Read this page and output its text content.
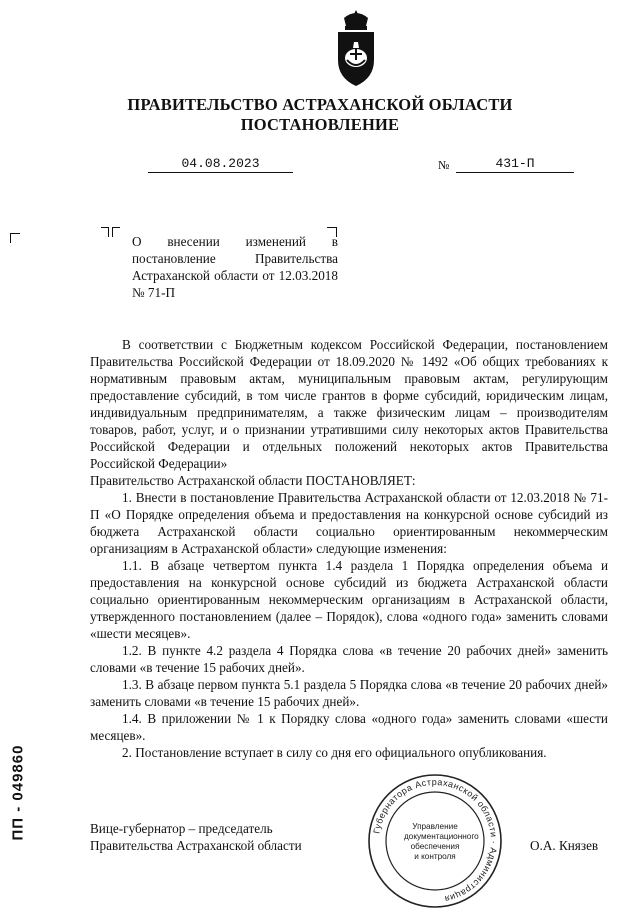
ПРАВИТЕЛЬСТВО АСТРАХАНСКОЙ ОБЛАСТИ
ПОСТАНОВЛЕНИЕ
04.08.2023	№	431-П
О внесении изменений в постановление Правительства Астраханской области от 12.03.2018 № 71-П

В соответствии с Бюджетным кодексом Российской Федерации, постановлением Правительства Российской Федерации от 18.09.2020 № 1492 «Об общих требованиях к нормативным правовым актам, муниципальным правовым актам, регулирующим предоставление субсидий, в том числе грантов в форме субсидий, юридическим лицам, индивидуальным предпринимателям, а также физическим лицам – производителям товаров, работ, услуг, и о признании утратившими силу некоторых актов Правительства Российской Федерации и отдельных положений некоторых актов Правительства Российской Федерации»

Правительство Астраханской области ПОСТАНОВЛЯЕТ:

1. Внести в постановление Правительства Астраханской области от 12.03.2018 № 71-П «О Порядке определения объема и предоставления на конкурсной основе субсидий из бюджета Астраханской области социально ориентированным некоммерческим организациям в Астраханской области» следующие изменения:

1.1. В абзаце четвертом пункта 1.4 раздела 1 Порядка определения объема и предоставления на конкурсной основе субсидий из бюджета Астраханской области социально ориентированным некоммерческим организациям в Астраханской области, утвержденного постановлением (далее – Порядок), слова «одного года» заменить словами «шести месяцев».

1.2. В пункте 4.2 раздела 4 Порядка слова «в течение 20 рабочих дней» заменить словами «в течение 15 рабочих дней».

1.3. В абзаце первом пункта 5.1 раздела 5 Порядка слова «в течение 20 рабочих дней» заменить словами «в течение 15 рабочих дней».

1.4. В приложении № 1 к Порядку слова «одного года» заменить словами «шести месяцев».

2. Постановление вступает в силу со дня его официального опубликования.

Вице-губернатор – председатель
Правительства Астраханской области	О.А. Князев
Губернатора Астраханской области · Администрация
Управление
документационного
обеспечения
и контроля
ПП - 049860
